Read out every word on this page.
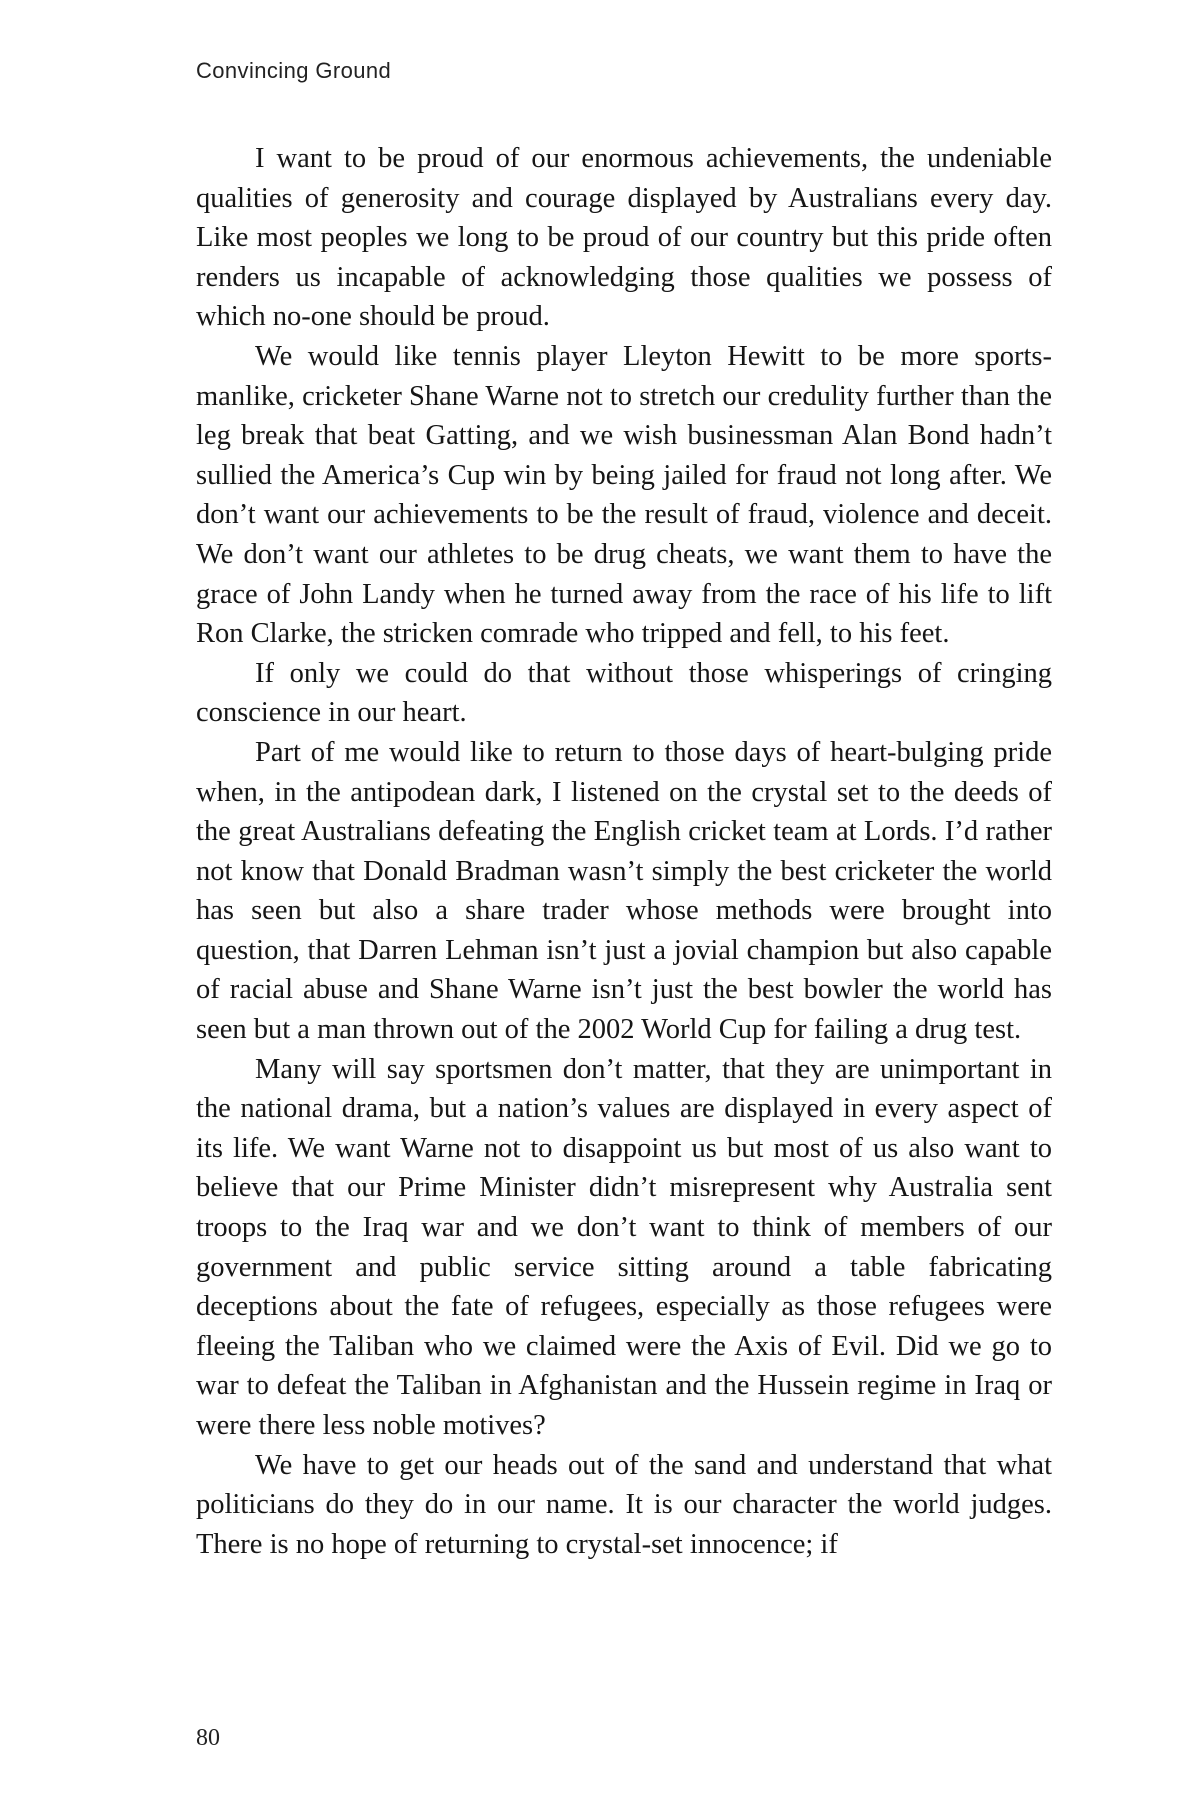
Convincing Ground

I want to be proud of our enormous achievements, the undeniable qualities of generosity and courage displayed by Australians every day. Like most peoples we long to be proud of our country but this pride often renders us incapable of acknowledging those qualities we possess of which no-one should be proud.

We would like tennis player Lleyton Hewitt to be more sportsmanlike, cricketer Shane Warne not to stretch our credulity further than the leg break that beat Gatting, and we wish businessman Alan Bond hadn’t sullied the America’s Cup win by being jailed for fraud not long after. We don’t want our achievements to be the result of fraud, violence and deceit. We don’t want our athletes to be drug cheats, we want them to have the grace of John Landy when he turned away from the race of his life to lift Ron Clarke, the stricken comrade who tripped and fell, to his feet.

If only we could do that without those whisperings of cringing conscience in our heart.

Part of me would like to return to those days of heart-bulging pride when, in the antipodean dark, I listened on the crystal set to the deeds of the great Australians defeating the English cricket team at Lords. I’d rather not know that Donald Bradman wasn’t simply the best cricketer the world has seen but also a share trader whose methods were brought into question, that Darren Lehman isn’t just a jovial champion but also capable of racial abuse and Shane Warne isn’t just the best bowler the world has seen but a man thrown out of the 2002 World Cup for failing a drug test.

Many will say sportsmen don’t matter, that they are unimportant in the national drama, but a nation’s values are displayed in every aspect of its life. We want Warne not to disappoint us but most of us also want to believe that our Prime Minister didn’t misrepresent why Australia sent troops to the Iraq war and we don’t want to think of members of our government and public service sitting around a table fabricating deceptions about the fate of refugees, especially as those refugees were fleeing the Taliban who we claimed were the Axis of Evil. Did we go to war to defeat the Taliban in Afghanistan and the Hussein regime in Iraq or were there less noble motives?

We have to get our heads out of the sand and understand that what politicians do they do in our name. It is our character the world judges. There is no hope of returning to crystal-set innocence; if

80
